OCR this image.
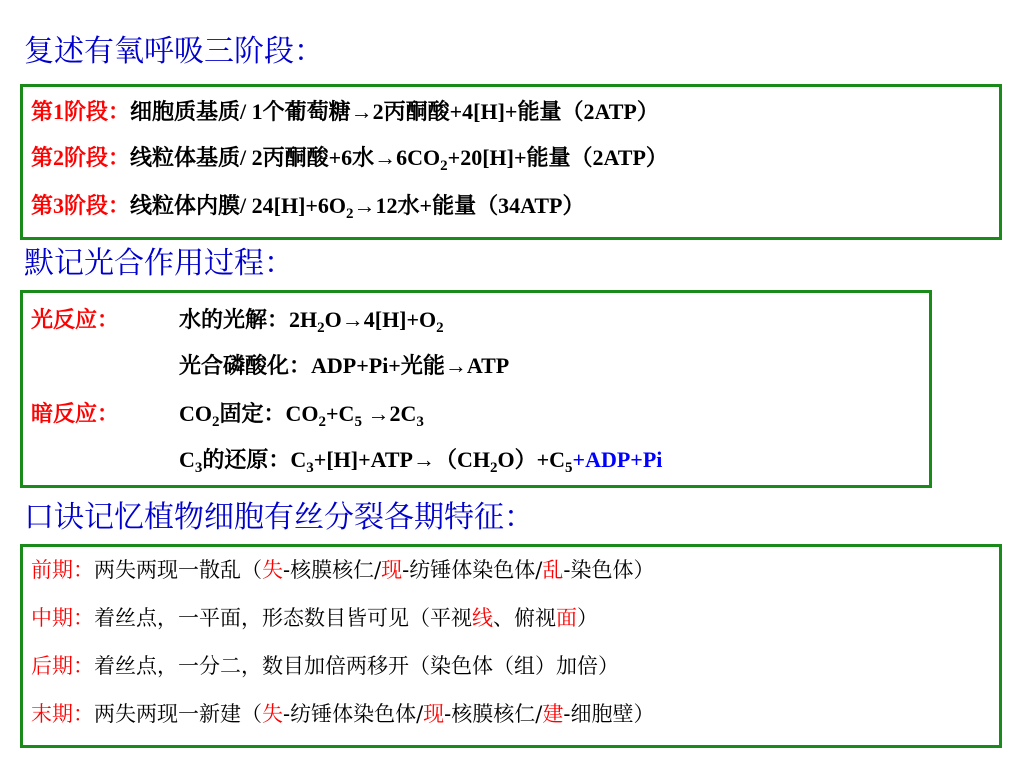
复述有氧呼吸三阶段：
第1阶段：细胞质基质/ 1个葡萄糖→2丙酮酸+4[H]+能量（2ATP）
第2阶段：线粒体基质/ 2丙酮酸+6水$\to 6CO_2+20[H]+$能量（2ATP）
第3阶段：线粒体内膜/ $24[H]+6O_2\to 12$水+能量（34ATP）
默记光合作用过程：
光反应：	水的光解：$2H_2O\to 4[H]+O_2$
光合磷酸化：ADP+Pi+光能→ATP
暗反应：	$CO_2$固定：$CO_2+C_5 \to 2C_3$
$C_3$的还原：$C_3+[H]+ATP\to(CH_2O)+C_5+ADP+Pi$
口诀记忆植物细胞有丝分裂各期特征：
前期：两失两现一散乱（失-核膜核仁/现-纺锤体染色体/乱-染色体）
中期：着丝点，一平面，形态数目皆可见（平视线、俯视面）
后期：着丝点，一分二，数目加倍两移开（染色体（组）加倍）
末期：两失两现一新建（失-纺锤体染色体/现-核膜核仁/建-细胞壁）
